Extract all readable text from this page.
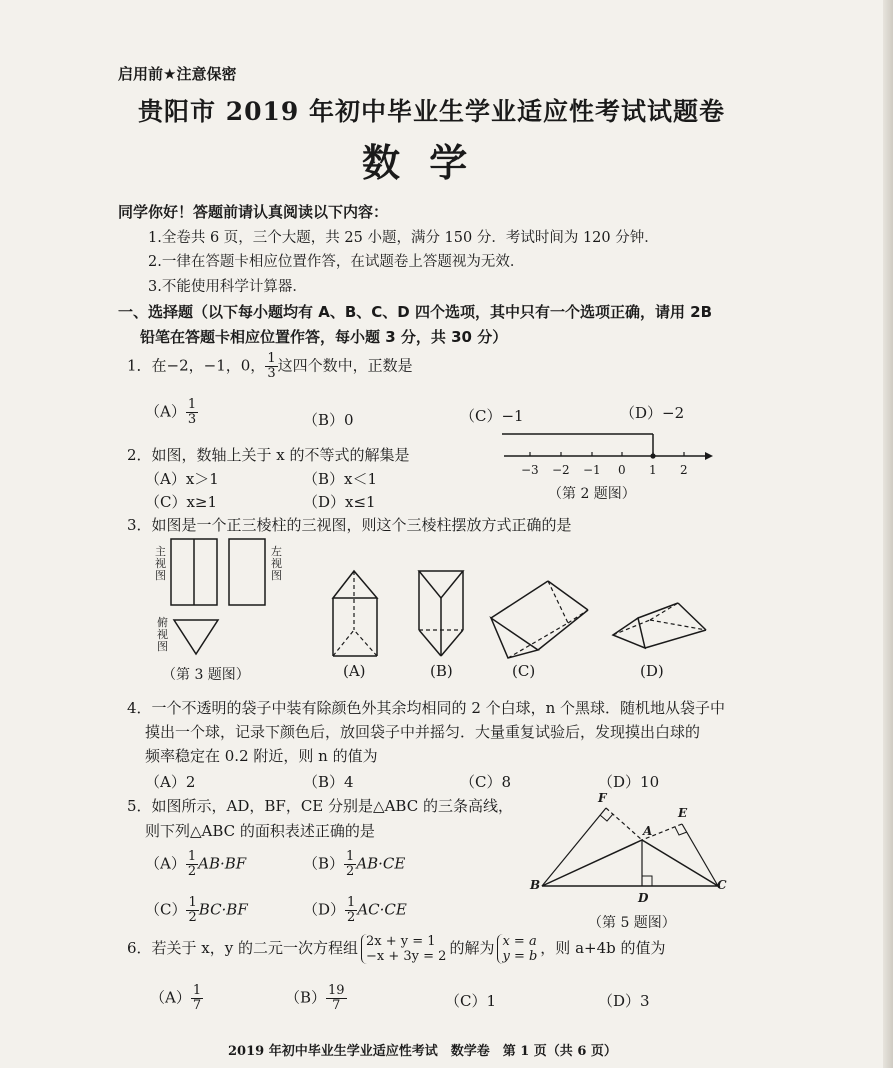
启用前★注意保密
贵阳市 2019 年初中毕业生学业适应性考试试题卷
数 学
同学你好！答题前请认真阅读以下内容：
1.全卷共 6 页，三个大题，共 25 小题，满分 150 分．考试时间为 120 分钟．
2.一律在答题卡相应位置作答，在试题卷上答题视为无效．
3.不能使用科学计算器．
一、选择题（以下每小题均有 A、B、C、D 四个选项，其中只有一个选项正确，请用 2B
铅笔在答题卡相应位置作答，每小题 3 分，共 30 分）
1．在−2，−1，0， $\frac{1}{3}$ 这四个数中，正数是
$(A) \frac{1}{3}$	（B）0	（C）−1	（D）−2
2．如图，数轴上关于 x 的不等式的解集是
（A）x＞1	（B）x＜1
（C）x≥1	（D）x≤1
−3 −2 −1 0 1 2
（第 2 题图）
3．如图是一个正三棱柱的三视图，则这个三棱柱摆放方式正确的是
主视图
左视图
俯视图
（第 3 题图）	(A)	(B)	(C)	(D)
4．一个不透明的袋子中装有除颜色外其余均相同的 2 个白球，n 个黑球．随机地从袋子中
摸出一个球，记录下颜色后，放回袋子中并摇匀．大量重复试验后，发现摸出白球的
频率稳定在 0.2 附近，则 n 的值为
（A）2	（B）4	（C）8	（D）10
5．如图所示，AD，BF，CE 分别是△ABC 的三条高线，
则下列△ABC 的面积表述正确的是
$(A) \frac{1}{2} AB\cdot BF$	$(B) \frac{1}{2} AB\cdot CE$
$(C) \frac{1}{2} BC\cdot BF$	$(D) \frac{1}{2} AC\cdot CE$
F
E
A
B	C
D
（第 5 题图）
6．若关于 x，y 的二元一次方程组 2x + y = 1
−x + 3y = 2 的解为 x = a
y = b ，则 a+4b 的值为
$(A) \frac{1}{7}$	$(B) \frac{19}{7}$	（C）1	（D）3
2019 年初中毕业生学业适应性考试　数学卷　第 1 页（共 6 页）
